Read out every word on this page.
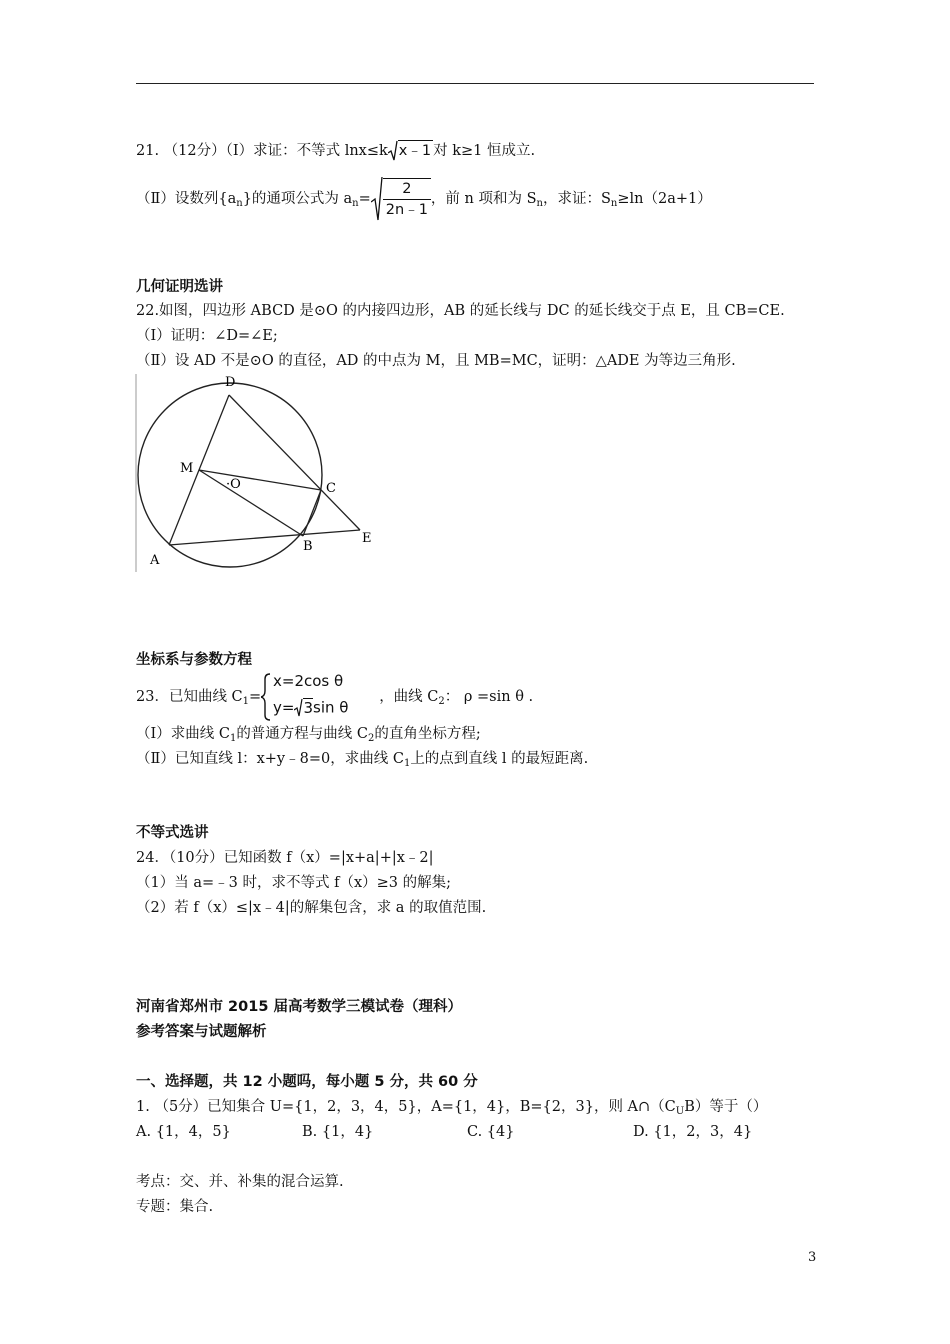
21. （12分）（Ⅰ）求证：不等式 lnx≤k x﹣1 对 k≥1 恒成立.
（Ⅱ）设数列$\{a_n\}$的通项公式为 $a_n= \frac{2}{2n﹣1}$ ，前 n 项和为 $S_n$，求证：$S_n\ge\ln(2a+1)$
几何证明选讲
22.如图，四边形 ABCD 是⊙O 的内接四边形，AB 的延长线与 DC 的延长线交于点 E，且 CB=CE.
（Ⅰ）证明：∠D=∠E;
（Ⅱ）设 AD 不是⊙O 的直径，AD 的中点为 M，且 MB=MC，证明：△ADE 为等边三角形.
D
M
·O	C
E
B
A
坐标系与参数方程
23．已知曲线 $C_1=$	，曲线 $C_2$： ρ =sin θ .
x=2cos θ
y= 3sin θ
（Ⅰ）求曲线 $C_1$的普通方程与曲线 $C_2$的直角坐标方程;
（Ⅱ）已知直线 l：x+y﹣8=0，求曲线 $C_1$上的点到直线 l 的最短距离.
不等式选讲
24．（10分）已知函数 f（x）=|x+a|+|x﹣2|
（1）当 a=﹣3 时，求不等式 f（x）≥3 的解集;
（2）若 f（x）≤|x﹣4|的解集包含，求 a 的取值范围.
河南省郑州市 2015 届高考数学三模试卷（理科）
参考答案与试题解析
一、选择题，共 12 小题吗，每小题 5 分，共 60 分
1. （5分）已知集合 U={1，2，3，4，5}，A={1，4}，B={2，3}，则 $A\cap(C_UB)$等于（）
A. {1，4，5}	B. {1，4}	C. {4}	D. {1，2，3，4}
考点：交、并、补集的混合运算.
专题：集合.
3
